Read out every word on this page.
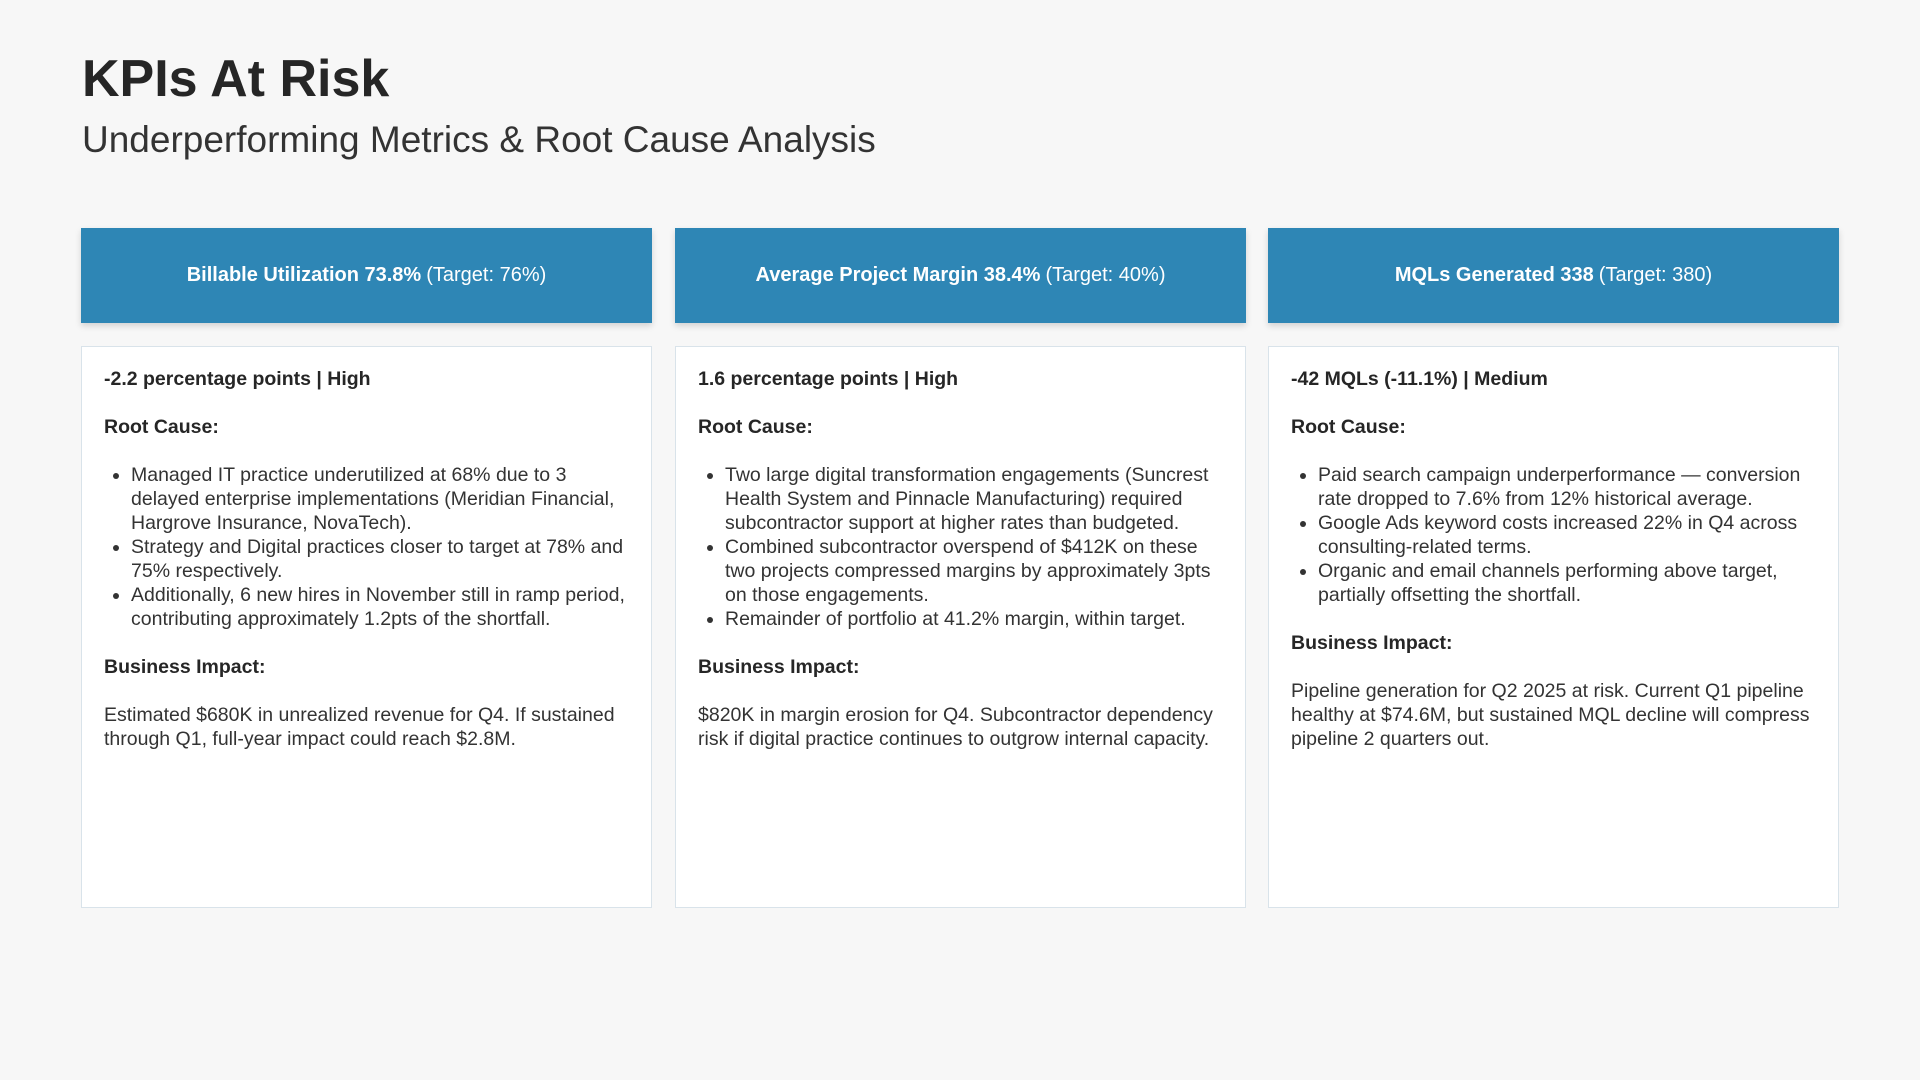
KPIs At Risk
Underperforming Metrics & Root Cause Analysis
Billable Utilization 73.8% (Target: 76%)

-2.2 percentage points | High

Root Cause:

• Managed IT practice underutilized at 68% due to 3 delayed enterprise implementations (Meridian Financial, Hargrove Insurance, NovaTech).
• Strategy and Digital practices closer to target at 78% and 75% respectively.
• Additionally, 6 new hires in November still in ramp period, contributing approximately 1.2pts of the shortfall.

Business Impact:

Estimated $680K in unrealized revenue for Q4. If sustained through Q1, full-year impact could reach $2.8M.

Average Project Margin 38.4% (Target: 40%)

1.6 percentage points | High

Root Cause:

• Two large digital transformation engagements (Suncrest Health System and Pinnacle Manufacturing) required subcontractor support at higher rates than budgeted.
• Combined subcontractor overspend of $412K on these two projects compressed margins by approximately 3pts on those engagements.
• Remainder of portfolio at 41.2% margin, within target.

Business Impact:

$820K in margin erosion for Q4. Subcontractor dependency risk if digital practice continues to outgrow internal capacity.

MQLs Generated 338 (Target: 380)

-42 MQLs (-11.1%) | Medium

Root Cause:

• Paid search campaign underperformance — conversion rate dropped to 7.6% from 12% historical average.
• Google Ads keyword costs increased 22% in Q4 across consulting-related terms.
• Organic and email channels performing above target, partially offsetting the shortfall.

Business Impact:

Pipeline generation for Q2 2025 at risk. Current Q1 pipeline healthy at $74.6M, but sustained MQL decline will compress pipeline 2 quarters out.
